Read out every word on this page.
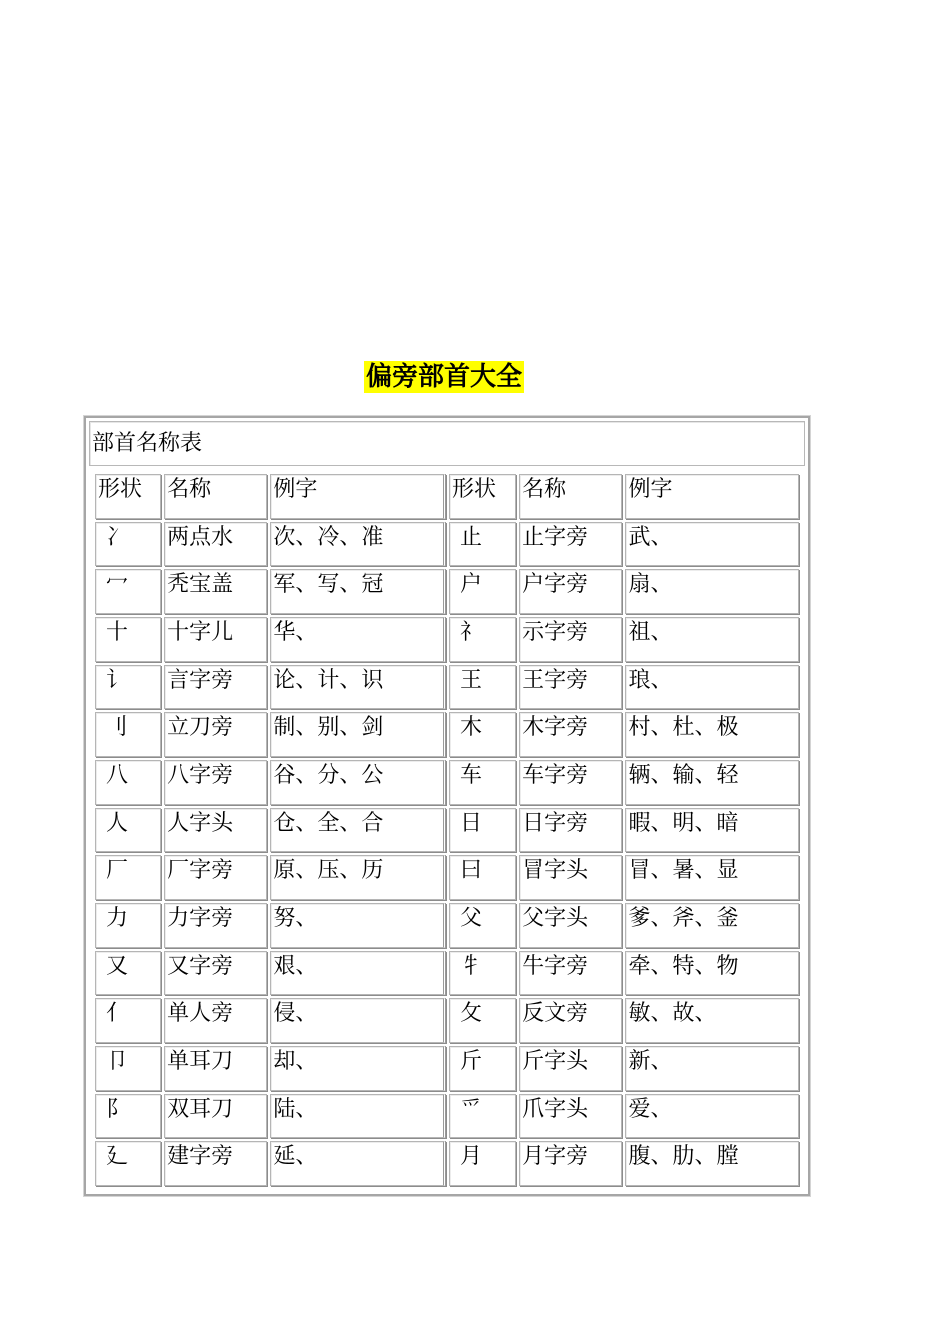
偏旁部首大全
部首名称表
形状	名称	例字	形状	名称	例字
冫	两点水	次、冷、准	止	止字旁	武、
冖	秃宝盖	军、写、冠	户	户字旁	扇、
十	十字儿	华、	礻	示字旁	祖、
讠	言字旁	论、计、识	王	王字旁	琅、
刂	立刀旁	制、别、剑	木	木字旁	村、杜、极
八	八字旁	谷、分、公	车	车字旁	辆、输、轻
人	人字头	仓、全、合	日	日字旁	暇、明、暗
厂	厂字旁	原、压、历	曰	冒字头	冒、暑、显
力	力字旁	努、	父	父字头	爹、斧、釜
又	又字旁	艰、	牜	牛字旁	牵、特、物
亻	单人旁	侵、	攵	反文旁	敏、故、
卩	单耳刀	却、	斤	斤字头	新、
阝	双耳刀	陆、	爫	爪字头	爱、
廴	建字旁	延、	月	月字旁	腹、肋、膛
